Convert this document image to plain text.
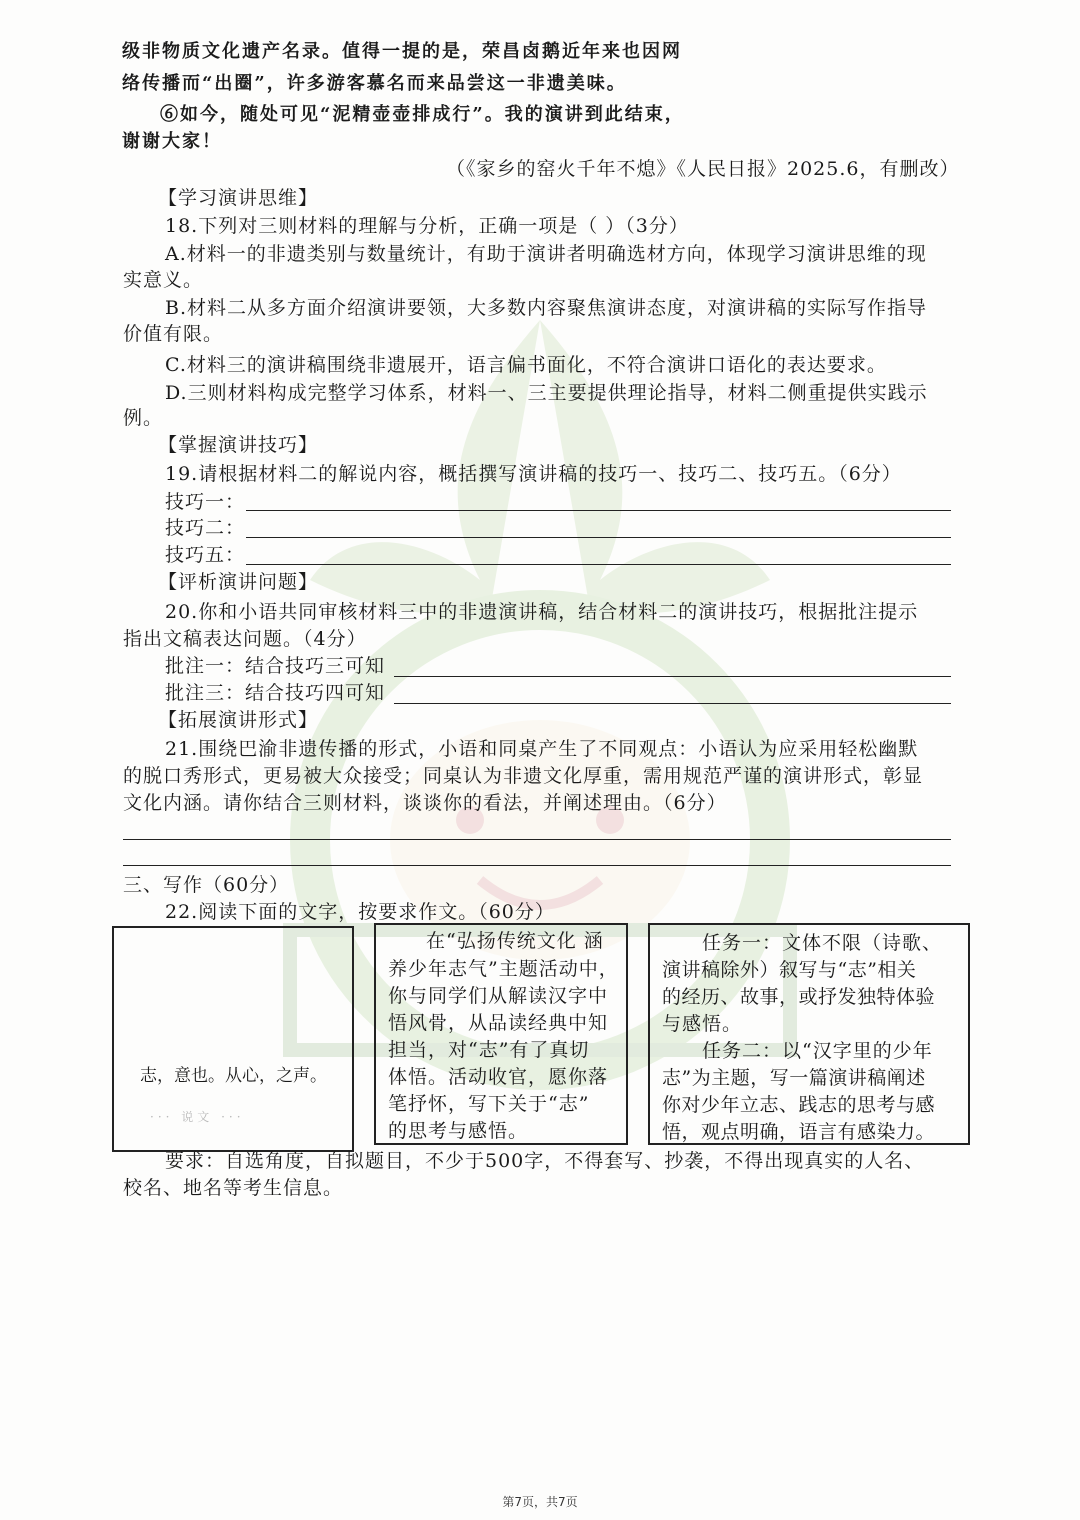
级非物质文化遗产名录。值得一提的是，荣昌卤鹅近年来也因网
络传播而“出圈”，许多游客慕名而来品尝这一非遗美味。
⑥如今，随处可见“泥精壶壶排成行”。我的演讲到此结束，
谢谢大家！
（《家乡的窑火千年不熄》《人民日报》2025.6，有删改）
【学习演讲思维】
18.下列对三则材料的理解与分析，正确一项是（ ）（3分）
A.材料一的非遗类别与数量统计，有助于演讲者明确选材方向，体现学习演讲思维的现
实意义。
B.材料二从多方面介绍演讲要领，大多数内容聚焦演讲态度，对演讲稿的实际写作指导
价值有限。
C.材料三的演讲稿围绕非遗展开，语言偏书面化，不符合演讲口语化的表达要求。
D.三则材料构成完整学习体系，材料一、三主要提供理论指导，材料二侧重提供实践示
例。
【掌握演讲技巧】
19.请根据材料二的解说内容，概括撰写演讲稿的技巧一、技巧二、技巧五。（6分）
技巧一：
技巧二：
技巧五：
【评析演讲问题】
20.你和小语共同审核材料三中的非遗演讲稿，结合材料二的演讲技巧，根据批注提示
指出文稿表达问题。（4分）
批注一：结合技巧三可知
批注三：结合技巧四可知
【拓展演讲形式】
21.围绕巴渝非遗传播的形式，小语和同桌产生了不同观点：小语认为应采用轻松幽默
的脱口秀形式，更易被大众接受；同桌认为非遗文化厚重，需用规范严谨的演讲形式，彰显
文化内涵。请你结合三则材料，谈谈你的看法，并阐述理由。（6分）
三、写作（60分）
22.阅读下面的文字，按要求作文。（60分）
志，意也。从心，之声。
··· 说文 ···
在“弘扬传统文化 涵
养少年志气”主题活动中，
你与同学们从解读汉字中
悟风骨，从品读经典中知
担当，对“志”有了真切
体悟。活动收官，愿你落
笔抒怀，写下关于“志”
的思考与感悟。
任务一：文体不限（诗歌、
演讲稿除外）叙写与“志”相关
的经历、故事，或抒发独特体验
与感悟。
任务二：以“汉字里的少年
志”为主题，写一篇演讲稿阐述
你对少年立志、践志的思考与感
悟，观点明确，语言有感染力。
要求：自选角度，自拟题目，不少于500字，不得套写、抄袭，不得出现真实的人名、
校名、地名等考生信息。
第7页，共7页
